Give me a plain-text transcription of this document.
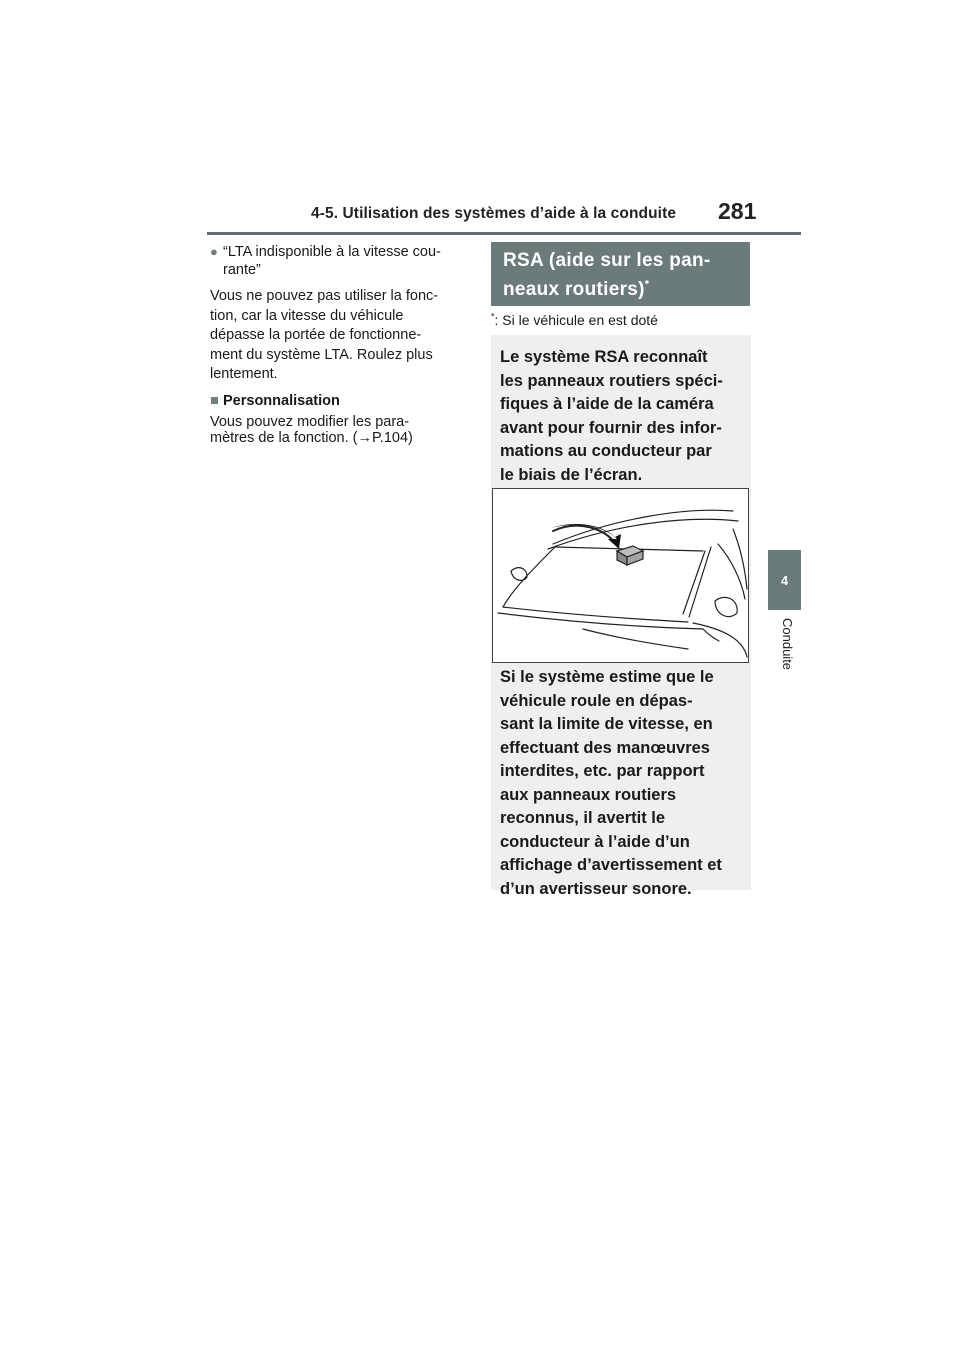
4-5. Utilisation des systèmes d’aide à la conduite 281
4
Conduite
● “LTA indisponible à la vitesse cou-
rante”
Vous ne pouvez pas utiliser la fonc-
tion, car la vitesse du véhicule
dépasse la portée de fonctionne-
ment du système LTA. Roulez plus
lentement.
■ Personnalisation
Vous pouvez modifier les para-
mètres de la fonction. (→P.104)
RSA (aide sur les pan-
neaux routiers)*
*: Si le véhicule en est doté
Le système RSA reconnaît
les panneaux routiers spéci-
fiques à l’aide de la caméra
avant pour fournir des infor-
mations au conducteur par
le biais de l’écran.
Si le système estime que le
véhicule roule en dépas-
sant la limite de vitesse, en
effectuant des manœuvres
interdites, etc. par rapport
aux panneaux routiers
reconnus, il avertit le
conducteur à l’aide d’un
affichage d’avertissement et
d’un avertisseur sonore.
